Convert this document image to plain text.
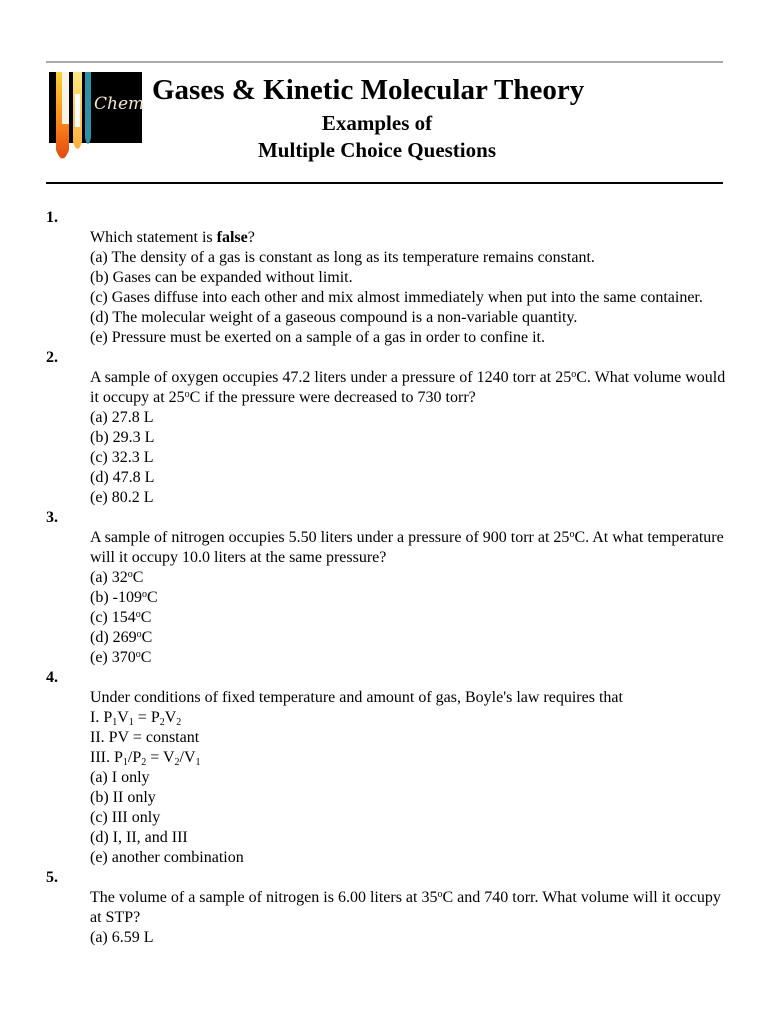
Chem Gases & Kinetic Molecular Theory
Examples of
Multiple Choice Questions
1.
Which statement is false?
(a) The density of a gas is constant as long as its temperature remains constant.
(b) Gases can be expanded without limit.
(c) Gases diffuse into each other and mix almost immediately when put into the same container.
(d) The molecular weight of a gaseous compound is a non-variable quantity.
(e) Pressure must be exerted on a sample of a gas in order to confine it.
2.
A sample of oxygen occupies 47.2 liters under a pressure of 1240 torr at 25$^o$C. What volume would it occupy at 25$^o$C if the pressure were decreased to 730 torr?
(a) 27.8 L
(b) 29.3 L
(c) 32.3 L
(d) 47.8 L
(e) 80.2 L
3.
A sample of nitrogen occupies 5.50 liters under a pressure of 900 torr at 25$^o$C. At what temperature will it occupy 10.0 liters at the same pressure?
(a) 32$^o$C
(b) -109$^o$C
(c) 154$^o$C
(d) 269$^o$C
(e) 370$^o$C
4.
Under conditions of fixed temperature and amount of gas, Boyle's law requires that
I. $P_1V_1 = P_2V_2$
II. PV = constant
III. $P_1/P_2 = V_2/V_1$
(a) I only
(b) II only
(c) III only
(d) I, II, and III
(e) another combination
5.
The volume of a sample of nitrogen is 6.00 liters at 35$^o$C and 740 torr. What volume will it occupy at STP?
(a) 6.59 L
